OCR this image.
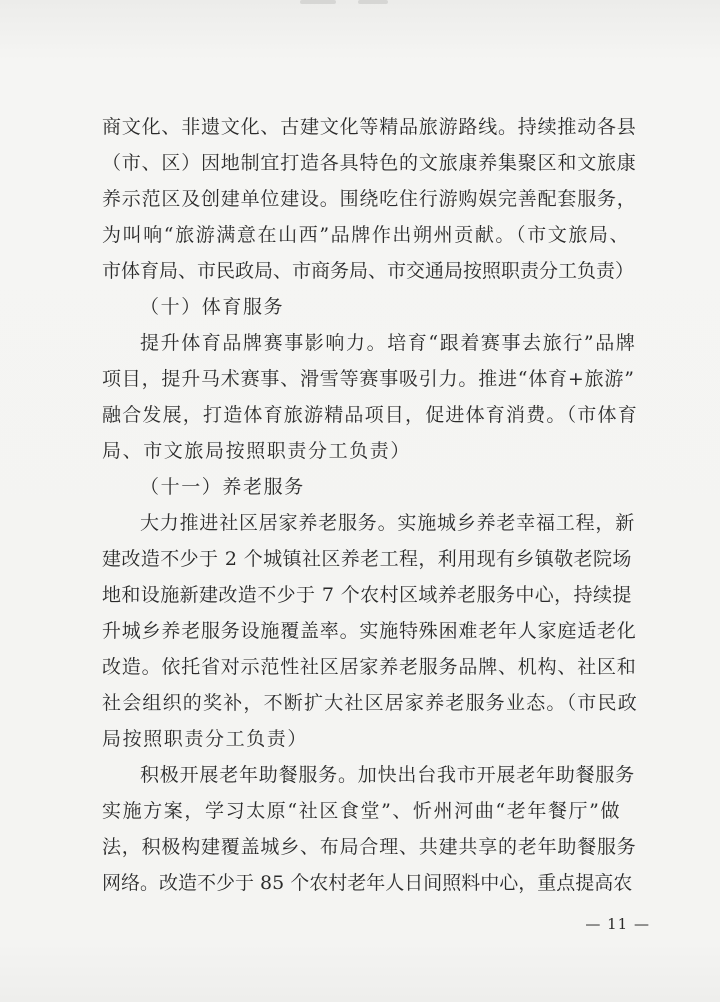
商文化、非遗文化、古建文化等精品旅游路线。持续推动各县
（市、区）因地制宜打造各具特色的文旅康养集聚区和文旅康
养示范区及创建单位建设。围绕吃住行游购娱完善配套服务，
为叫响“旅游满意在山西”品牌作出朔州贡献。（市文旅局、
市体育局、市民政局、市商务局、市交通局按照职责分工负责）
（十）体育服务
提升体育品牌赛事影响力。培育“跟着赛事去旅行”品牌
项目，提升马术赛事、滑雪等赛事吸引力。推进“体育+旅游”
融合发展，打造体育旅游精品项目，促进体育消费。（市体育
局、市文旅局按照职责分工负责）
（十一）养老服务
大力推进社区居家养老服务。实施城乡养老幸福工程，新
建改造不少于 2 个城镇社区养老工程，利用现有乡镇敬老院场
地和设施新建改造不少于 7 个农村区域养老服务中心，持续提
升城乡养老服务设施覆盖率。实施特殊困难老年人家庭适老化
改造。依托省对示范性社区居家养老服务品牌、机构、社区和
社会组织的奖补，不断扩大社区居家养老服务业态。（市民政
局按照职责分工负责）
积极开展老年助餐服务。加快出台我市开展老年助餐服务
实施方案，学习太原“社区食堂”、忻州河曲“老年餐厅”做
法，积极构建覆盖城乡、布局合理、共建共享的老年助餐服务
网络。改造不少于 85 个农村老年人日间照料中心，重点提高农
— 11 —
